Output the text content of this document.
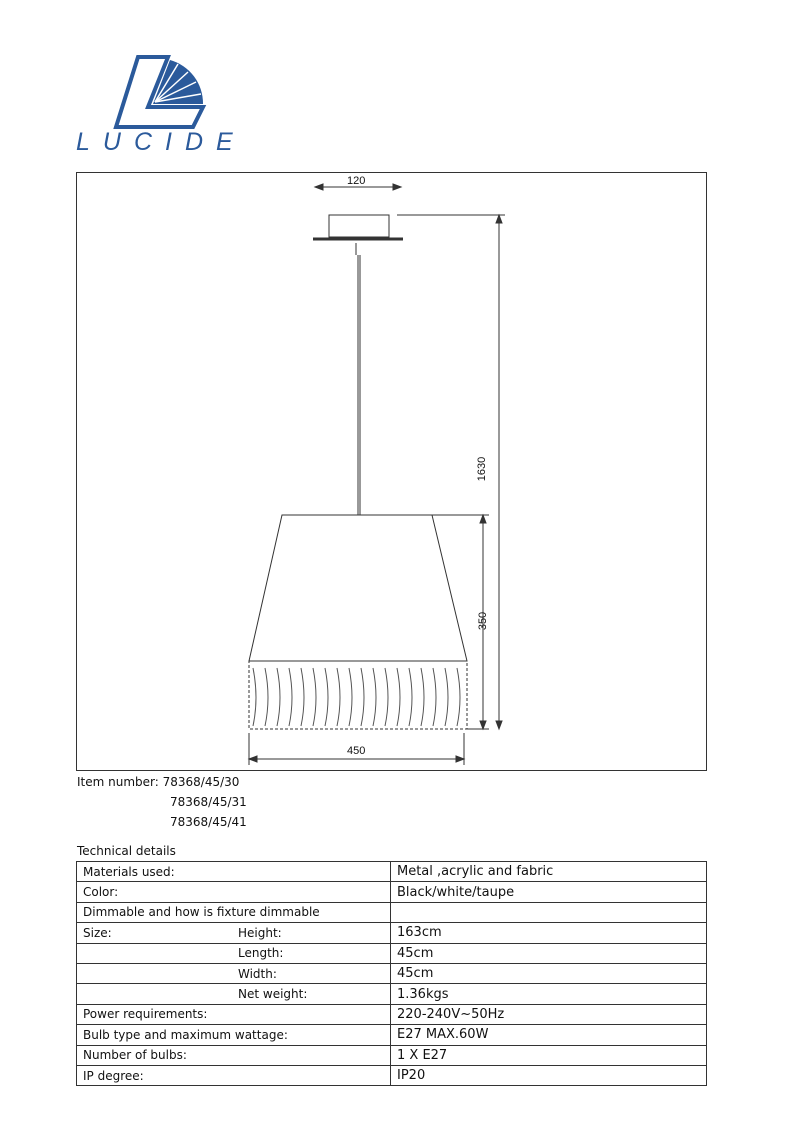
LUCIDE
120
1630
350
450
Item number: 78368/45/30
78368/45/31
78368/45/41
Technical details
Materials used:	Metal ,acrylic and fabric
Color:	Black/white/taupe
Dimmable and how is fixture dimmable	
Size: Height:	163cm
Length:	45cm
Width:	45cm
Net weight:	1.36kgs
Power requirements:	220-240V~50Hz
Bulb type and maximum wattage:	E27 MAX.60W
Number of bulbs:	1 X E27
IP degree:	IP20
